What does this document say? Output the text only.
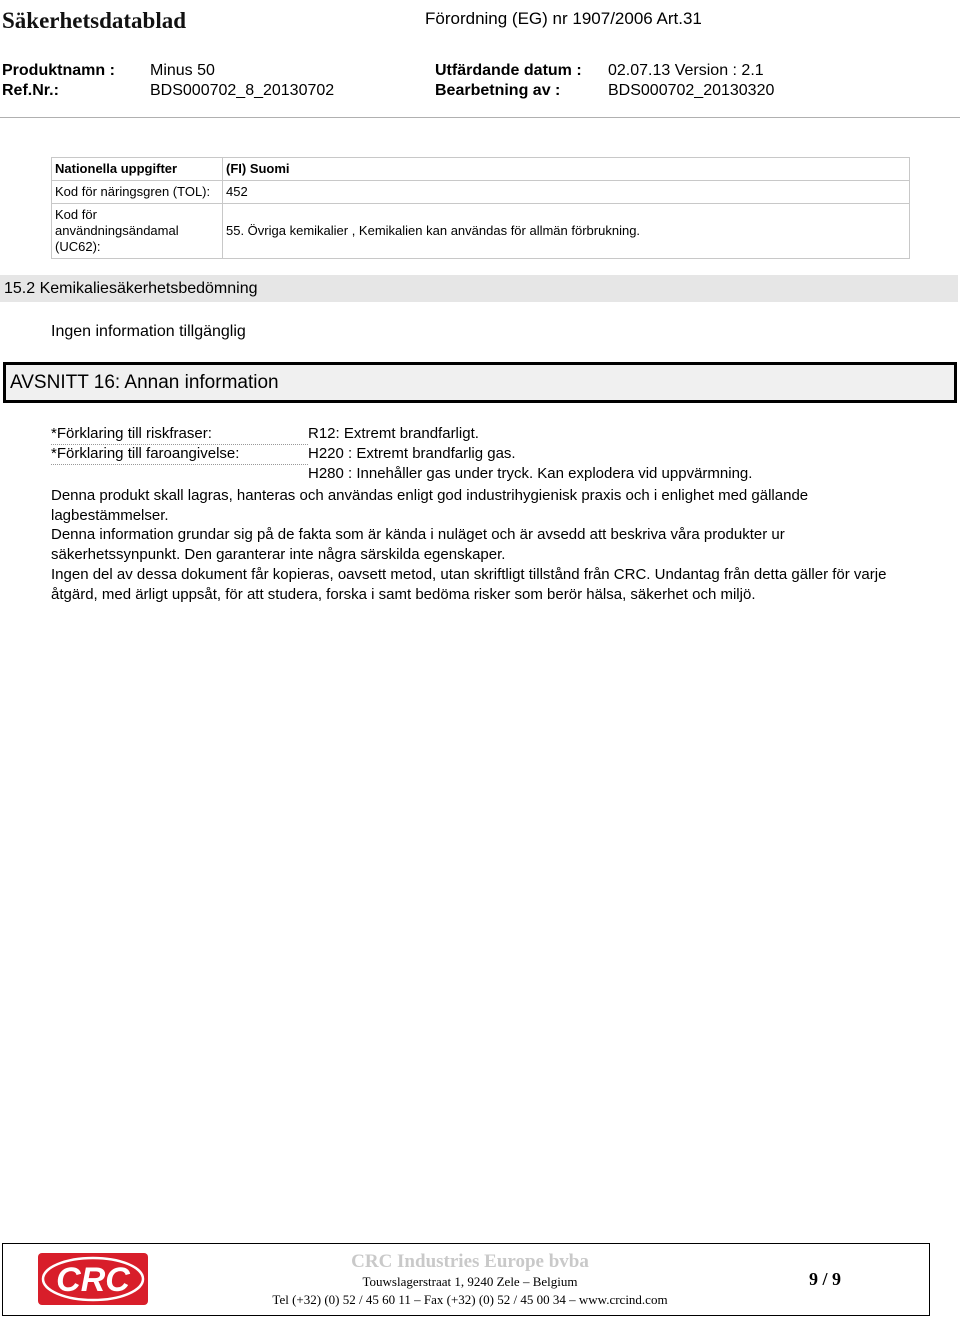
Säkerhetsdatablad	Förordning (EG) nr 1907/2006 Art.31
Produktnamn : Minus 50	Utfärdande datum : 02.07.13 Version : 2.1
Ref.Nr.:	BDS000702_8_20130702	Bearbetning av :	BDS000702_20130320
Nationella uppgifter	(FI) Suomi
Kod för näringsgren (TOL):	452
Kod för användningsändamal (UC62):	55. Övriga kemikalier , Kemikalien kan användas för allmän förbrukning.
15.2 Kemikaliesäkerhetsbedömning
Ingen information tillgänglig
AVSNITT 16: Annan information
*Förklaring till riskfraser:	R12: Extremt brandfarligt.
*Förklaring till faroangivelse:	H220 : Extremt brandfarlig gas.
H280 : Innehåller gas under tryck. Kan explodera vid uppvärmning.
Denna produkt skall lagras, hanteras och användas enligt god industrihygienisk praxis och i enlighet med gällande lagbestämmelser.
Denna information grundar sig på de fakta som är kända i nuläget och är avsedd att beskriva våra produkter ur säkerhetssynpunkt. Den garanterar inte några särskilda egenskaper.
Ingen del av dessa dokument får kopieras, oavsett metod, utan skriftligt tillstånd från CRC. Undantag från detta gäller för varje åtgärd, med ärligt uppsåt, för att studera, forska i samt bedöma risker som berör hälsa, säkerhet och miljö.
CRC	CRC Industries Europe bvba
Touwslagerstraat 1, 9240 Zele – Belgium
Tel (+32) (0) 52 / 45 60 11 – Fax (+32) (0) 52 / 45 00 34 – www.crcind.com
9 / 9
